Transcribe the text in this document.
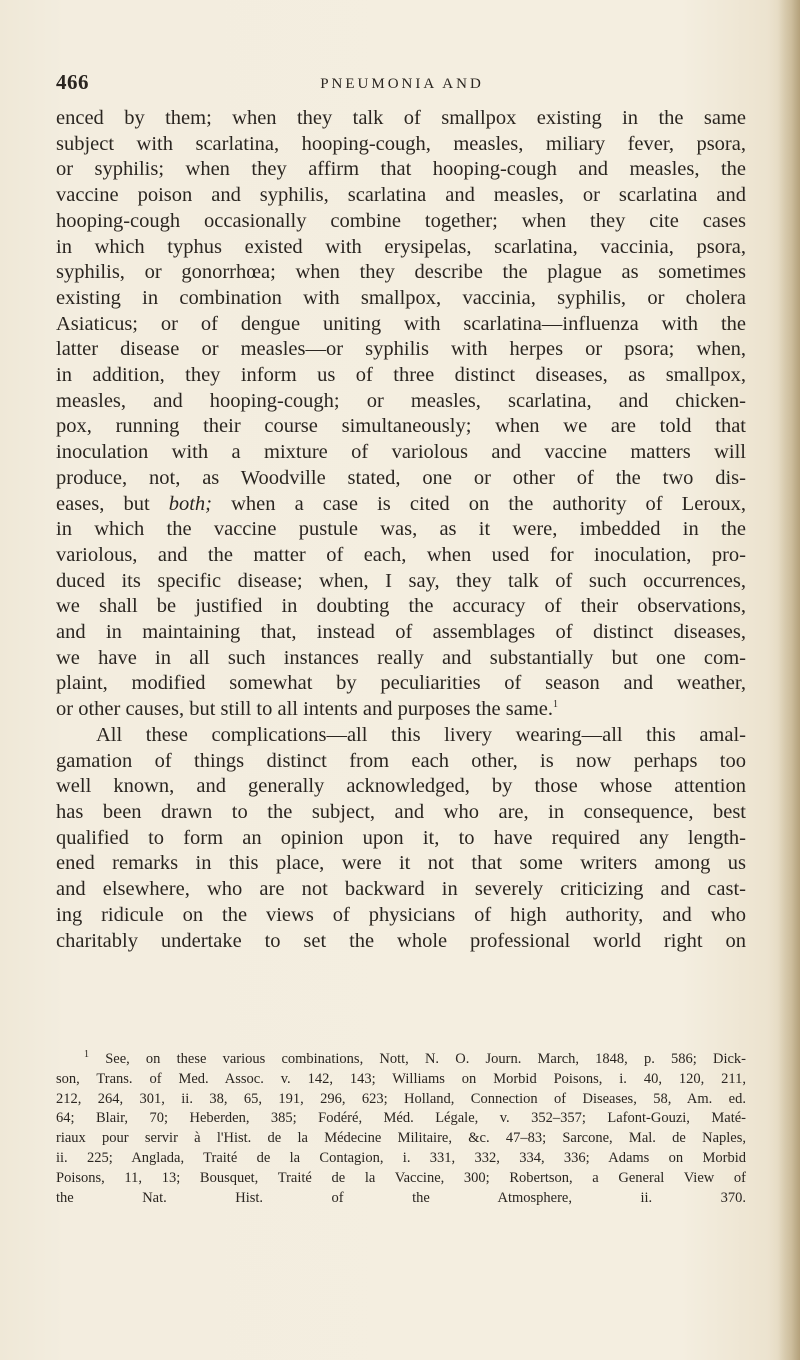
466	PNEUMONIA AND
enced by them; when they talk of smallpox existing in the same
subject with scarlatina, hooping-cough, measles, miliary fever, psora,
or syphilis; when they affirm that hooping-cough and measles, the
vaccine poison and syphilis, scarlatina and measles, or scarlatina and
hooping-cough occasionally combine together; when they cite cases
in which typhus existed with erysipelas, scarlatina, vaccinia, psora,
syphilis, or gonorrhœa; when they describe the plague as sometimes
existing in combination with smallpox, vaccinia, syphilis, or cholera
Asiaticus; or of dengue uniting with scarlatina—influenza with the
latter disease or measles—or syphilis with herpes or psora; when,
in addition, they inform us of three distinct diseases, as smallpox,
measles, and hooping-cough; or measles, scarlatina, and chicken-
pox, running their course simultaneously; when we are told that
inoculation with a mixture of variolous and vaccine matters will
produce, not, as Woodville stated, one or other of the two dis-
eases, but both; when a case is cited on the authority of Leroux,
in which the vaccine pustule was, as it were, imbedded in the
variolous, and the matter of each, when used for inoculation, pro-
duced its specific disease; when, I say, they talk of such occurrences,
we shall be justified in doubting the accuracy of their observations,
and in maintaining that, instead of assemblages of distinct diseases,
we have in all such instances really and substantially but one com-
plaint, modified somewhat by peculiarities of season and weather,
or other causes, but still to all intents and purposes the same.$^1$
All these complications—all this livery wearing—all this amal-
gamation of things distinct from each other, is now perhaps too
well known, and generally acknowledged, by those whose attention
has been drawn to the subject, and who are, in consequence, best
qualified to form an opinion upon it, to have required any length-
ened remarks in this place, were it not that some writers among us
and elsewhere, who are not backward in severely criticizing and cast-
ing ridicule on the views of physicians of high authority, and who
charitably undertake to set the whole professional world right on
$^1$ See, on these various combinations, Nott, N. O. Journ. March, 1848, p. 586; Dick-
son, Trans. of Med. Assoc. v. 142, 143; Williams on Morbid Poisons, i. 40, 120, 211,
212, 264, 301, ii. 38, 65, 191, 296, 623; Holland, Connection of Diseases, 58, Am. ed.
64; Blair, 70; Heberden, 385; Fodéré, Méd. Légale, v. 352–357; Lafont-Gouzi, Maté-
riaux pour servir à l'Hist. de la Médecine Militaire, &c. 47–83; Sarcone, Mal. de Naples,
ii. 225; Anglada, Traité de la Contagion, i. 331, 332, 334, 336; Adams on Morbid
Poisons, 11, 13; Bousquet, Traité de la Vaccine, 300; Robertson, a General View of
the Nat. Hist. of the Atmosphere, ii. 370.
